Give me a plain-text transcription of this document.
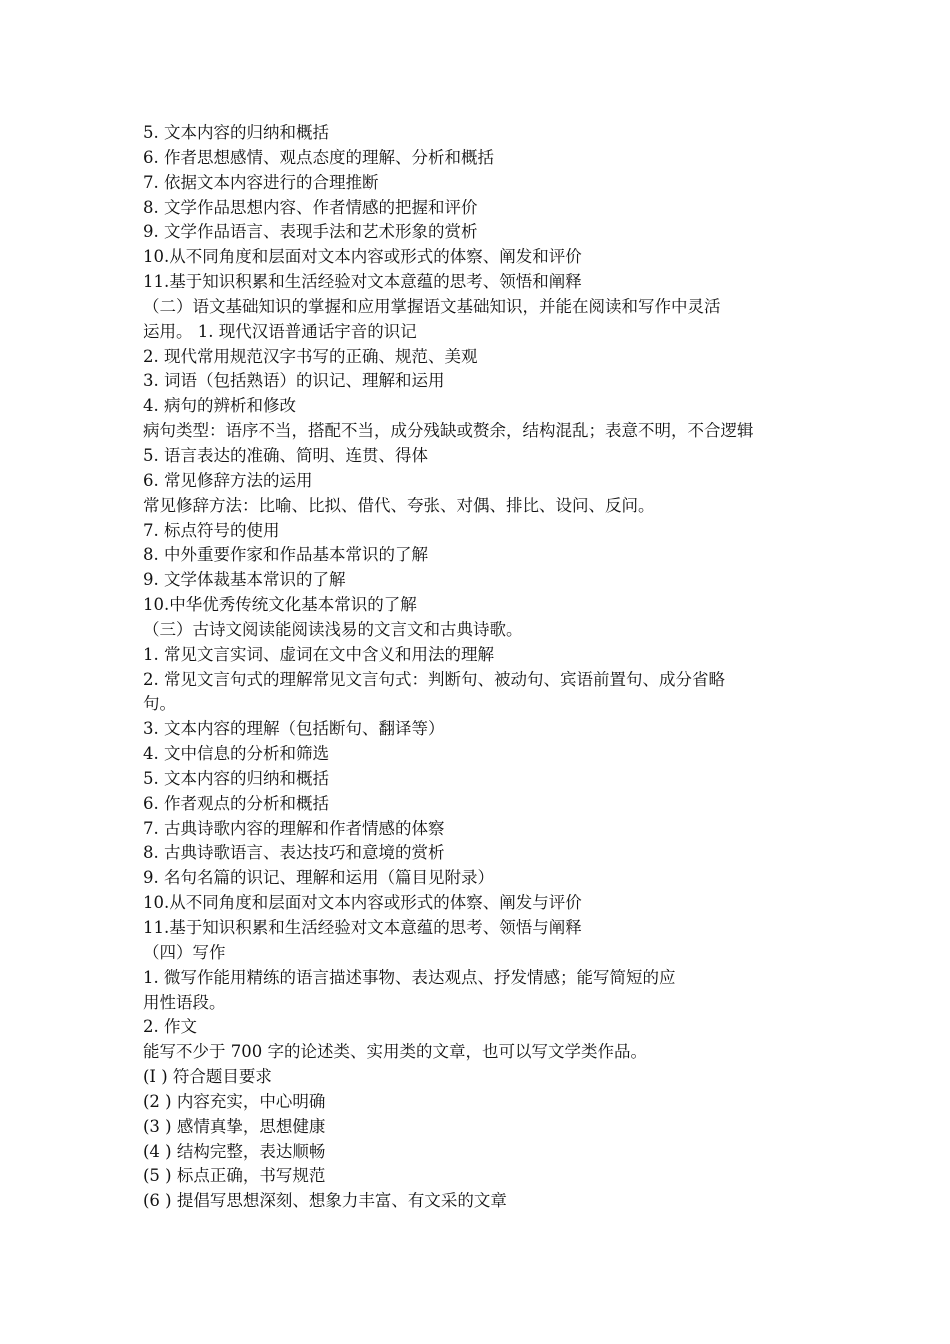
5. 文本内容的归纳和概括
6. 作者思想感情、观点态度的理解、分析和概括
7. 依据文本内容进行的合理推断
8. 文学作品思想内容、作者情感的把握和评价
9. 文学作品语言、表现手法和艺术形象的赏析
10.从不同角度和层面对文本内容或形式的体察、阐发和评价
11.基于知识积累和生活经验对文本意蕴的思考、领悟和阐释
（二）语文基础知识的掌握和应用掌握语文基础知识，并能在阅读和写作中灵活
运用。 1. 现代汉语普通话宇音的识记
2. 现代常用规范汉字书写的正确、规范、美观
3. 词语（包括熟语）的识记、理解和运用
4. 病句的辨析和修改
病句类型：语序不当，搭配不当，成分残缺或赘余，结构混乱；表意不明，不合逻辑
5. 语言表达的准确、简明、连贯、得体
6. 常见修辞方法的运用
常见修辞方法：比喻、比拟、借代、夸张、对偶、排比、设问、反问。
7. 标点符号的使用
8. 中外重要作家和作品基本常识的了解
9. 文学体裁基本常识的了解
10.中华优秀传统文化基本常识的了解
（三）古诗文阅读能阅读浅易的文言文和古典诗歌。
1. 常见文言实词、虚词在文中含义和用法的理解
2. 常见文言句式的理解常见文言句式：判断句、被动句、宾语前置句、成分省略
句。
3. 文本内容的理解（包括断句、翻译等）
4. 文中信息的分析和筛选
5. 文本内容的归纳和概括
6. 作者观点的分析和概括
7. 古典诗歌内容的理解和作者情感的体察
8. 古典诗歌语言、表达技巧和意境的赏析
9. 名句名篇的识记、理解和运用（篇目见附录）
10.从不同角度和层面对文本内容或形式的体察、阐发与评价
11.基于知识积累和生活经验对文本意蕴的思考、领悟与阐释
（四）写作
1. 微写作能用精练的语言描述事物、表达观点、抒发情感；能写简短的应
用性语段。
2. 作文
能写不少于 700 字的论述类、实用类的文章，也可以写文学类作品。
(I ) 符合题目要求
(2 ) 内容充实，中心明确
(3 ) 感情真挚，思想健康
(4 ) 结构完整，表达顺畅
(5 ) 标点正确，书写规范
(6 ) 提倡写思想深刻、想象力丰富、有文采的文章
